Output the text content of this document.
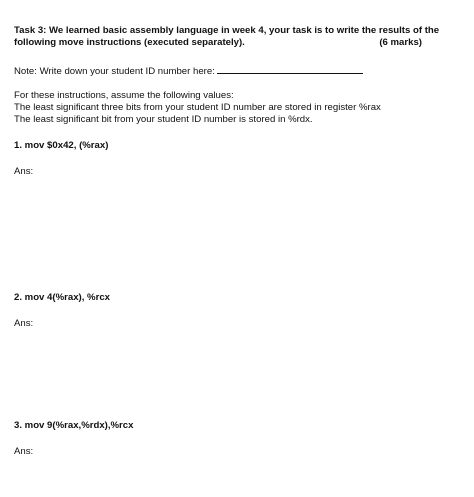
Task 3: We learned basic assembly language in week 4, your task is to write the results of the
following move instructions (executed separately).	(6 marks)
Note: Write down your student ID number here:
For these instructions, assume the following values:
The least significant three bits from your student ID number are stored in register %rax
The least significant bit from your student ID number is stored in %rdx.
1. mov $0x42, (%rax)
Ans:
2. mov 4(%rax), %rcx
Ans:
3. mov 9(%rax,%rdx),%rcx
Ans:
